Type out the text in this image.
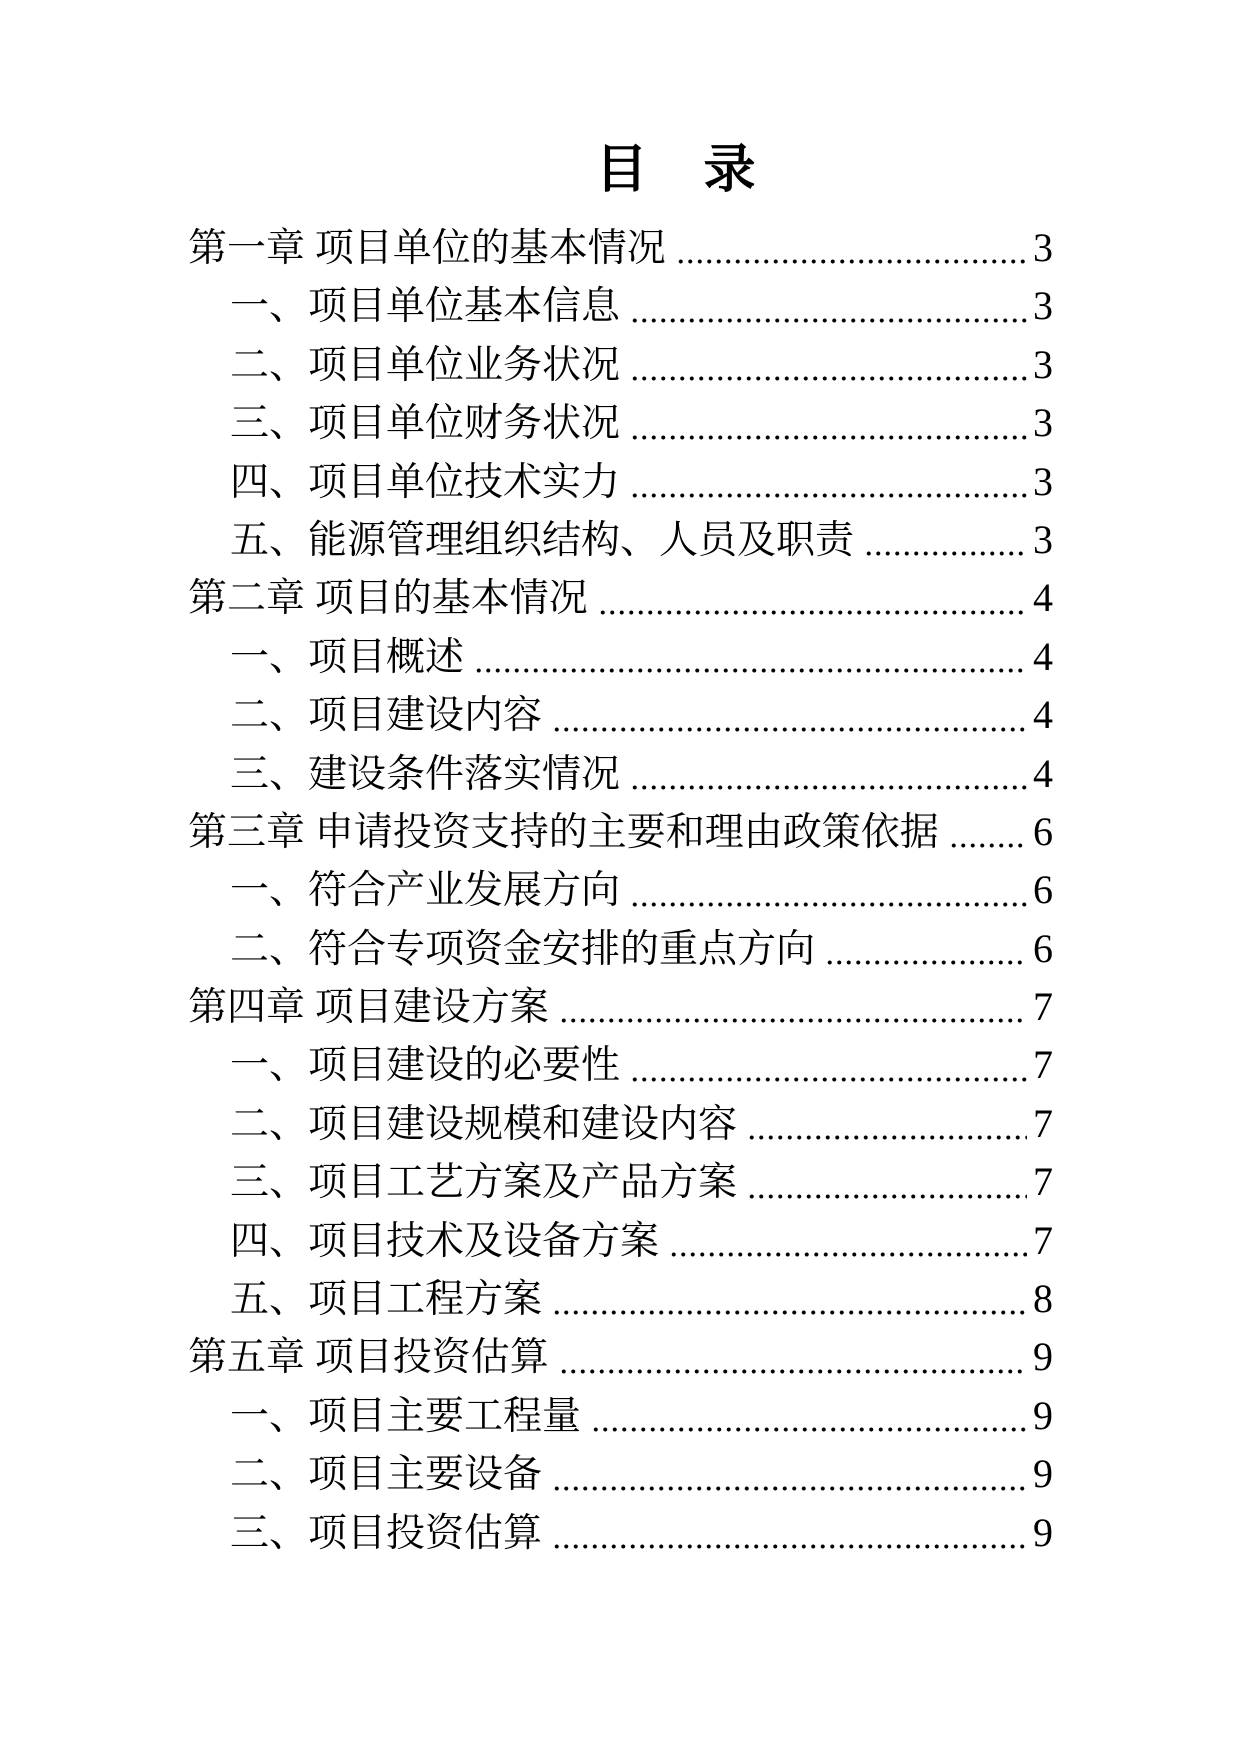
目　录
第一章 项目单位的基本情况	3
一、项目单位基本信息	3
二、项目单位业务状况	3
三、项目单位财务状况	3
四、项目单位技术实力	3
五、能源管理组织结构、人员及职责	3
第二章 项目的基本情况	4
一、项目概述	4
二、项目建设内容	4
三、建设条件落实情况	4
第三章 申请投资支持的主要和理由政策依据 6
一、符合产业发展方向	6
二、符合专项资金安排的重点方向	6
第四章 项目建设方案	7
一、项目建设的必要性	7
二、项目建设规模和建设内容	7
三、项目工艺方案及产品方案	7
四、项目技术及设备方案	7
五、项目工程方案	8
第五章 项目投资估算	9
一、项目主要工程量	9
二、项目主要设备	9
三、项目投资估算	9
